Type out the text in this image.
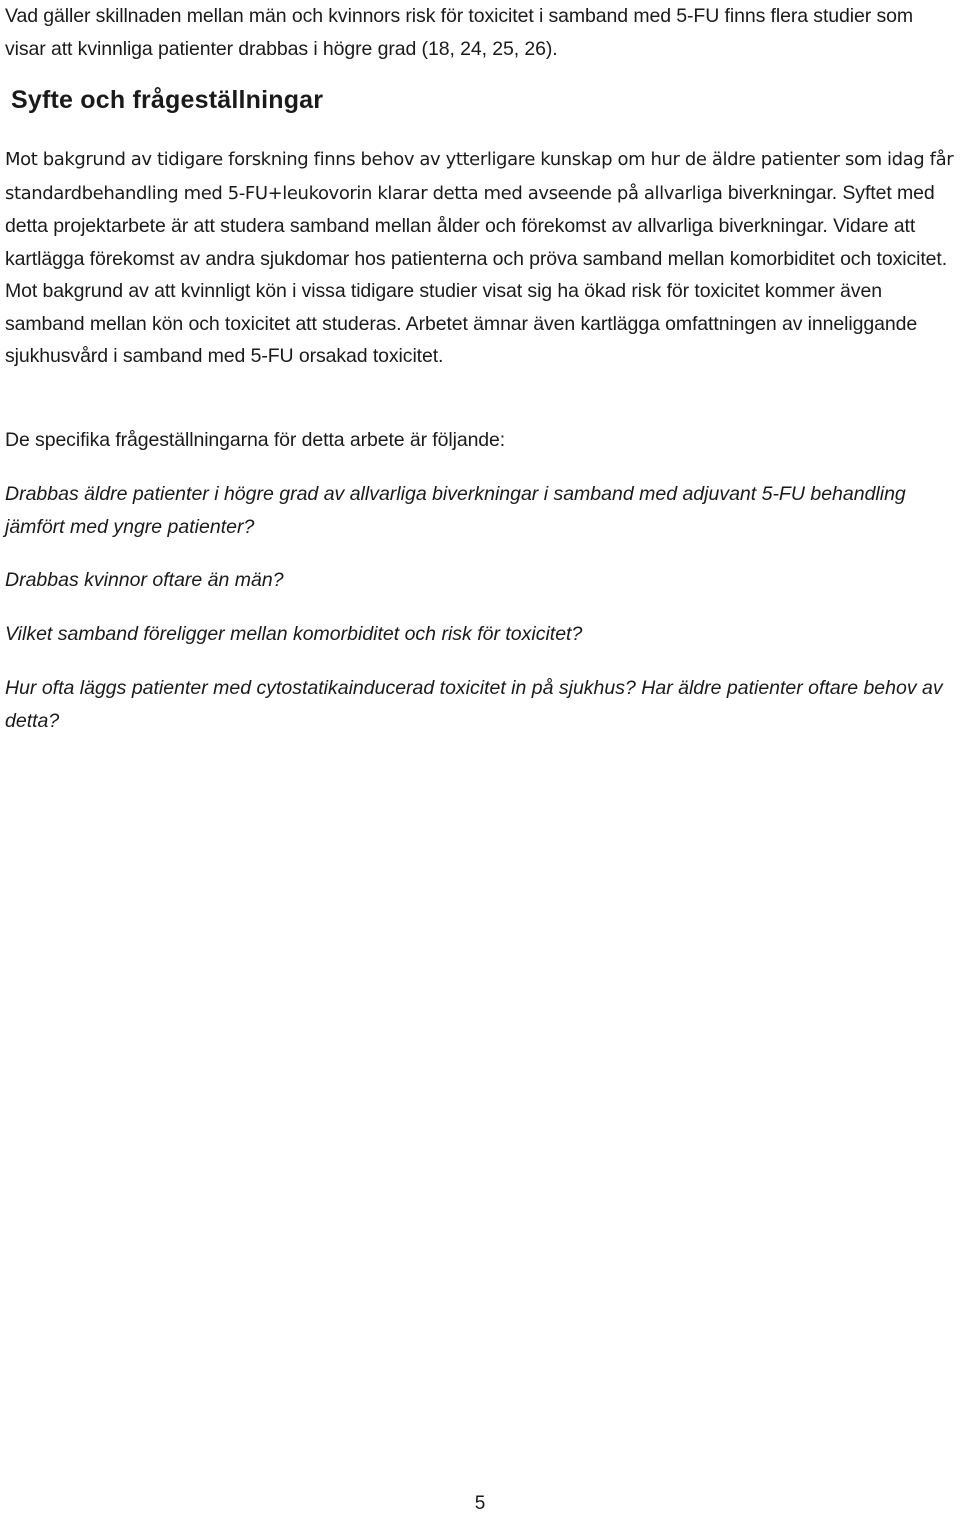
Vad gäller skillnaden mellan män och kvinnors risk för toxicitet i samband med 5-FU finns flera studier som visar att kvinnliga patienter drabbas i högre grad (18, 24, 25, 26).

Syfte och frågeställningar

Mot bakgrund av tidigare forskning finns behov av ytterligare kunskap om hur de äldre patienter som idag får standardbehandling med 5-FU+leukovorin klarar detta med avseende på allvarliga biverkningar. Syftet med detta projektarbete är att studera samband mellan ålder och förekomst av allvarliga biverkningar. Vidare att kartlägga förekomst av andra sjukdomar hos patienterna och pröva samband mellan komorbiditet och toxicitet. Mot bakgrund av att kvinnligt kön i vissa tidigare studier visat sig ha ökad risk för toxicitet kommer även samband mellan kön och toxicitet att studeras. Arbetet ämnar även kartlägga omfattningen av inneliggande sjukhusvård i samband med 5-FU orsakad toxicitet.

De specifika frågeställningarna för detta arbete är följande:

Drabbas äldre patienter i högre grad av allvarliga biverkningar i samband med adjuvant 5-FU behandling jämfört med yngre patienter?

Drabbas kvinnor oftare än män?

Vilket samband föreligger mellan komorbiditet och risk för toxicitet?

Hur ofta läggs patienter med cytostatikainducerad toxicitet in på sjukhus? Har äldre patienter oftare behov av detta?

5
